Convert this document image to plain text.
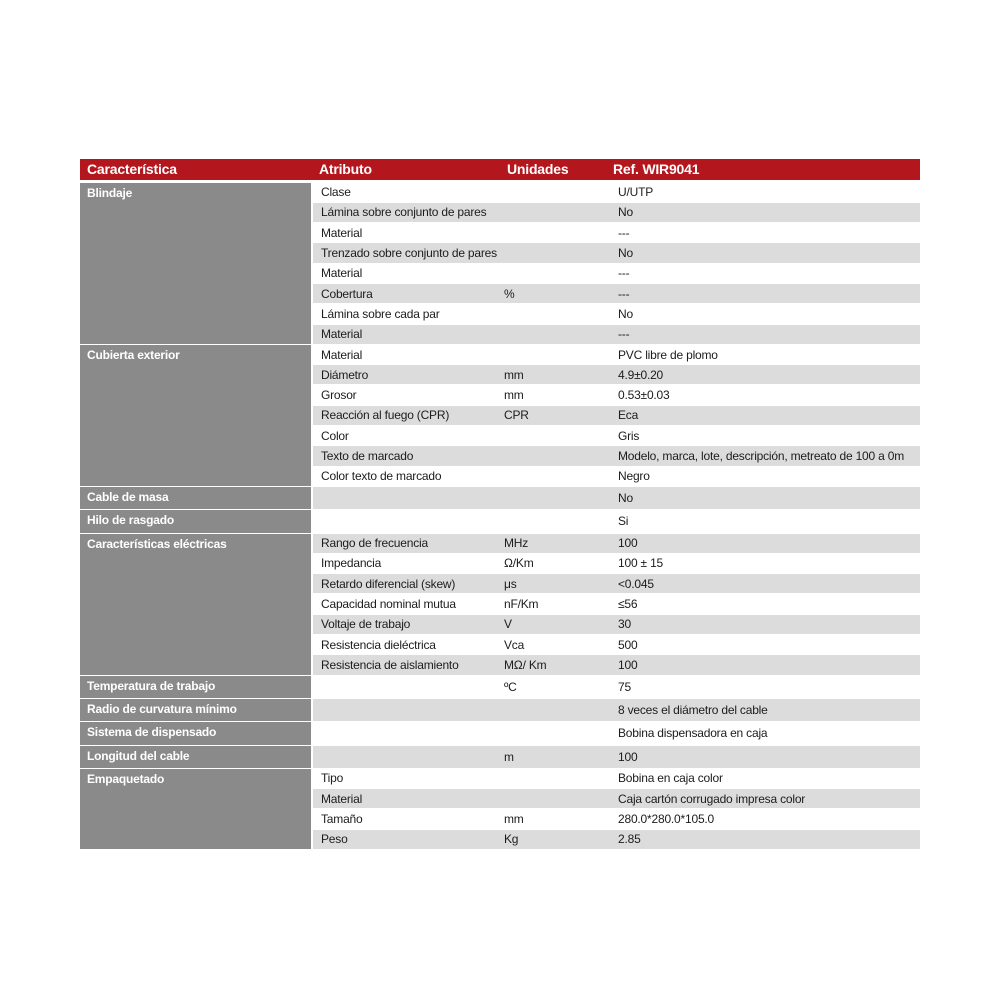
Característica	Atributo	Unidades	Ref. WIR9041
Blindaje	Clase		U/UTP
	Lámina sobre conjunto de pares		No
	Material		---
	Trenzado sobre conjunto de pares		No
	Material		---
	Cobertura	%	---
	Lámina sobre cada par		No
	Material		---
Cubierta exterior	Material		PVC libre de plomo
	Diámetro	mm	4.9±0.20
	Grosor	mm	0.53±0.03
	Reacción al fuego (CPR)	CPR	Eca
	Color		Gris
	Texto de marcado		Modelo, marca, lote, descripción, metreato de 100 a 0m
	Color texto de marcado		Negro
Cable de masa			No
Hilo de rasgado			Si
Características eléctricas	Rango de frecuencia	MHz	100
	Impedancia	Ω/Km	100 ± 15
	Retardo diferencial (skew)	μs	<0.045
	Capacidad nominal mutua	nF/Km	≤56
	Voltaje de trabajo	V	30
	Resistencia dieléctrica	Vca	500
	Resistencia de aislamiento	MΩ/ Km	100
Temperatura de trabajo		ºC	75
Radio de curvatura mínimo			8 veces el diámetro del cable
Sistema de dispensado			Bobina dispensadora en caja
Longitud del cable		m	100
Empaquetado	Tipo		Bobina en caja color
	Material		Caja cartón corrugado impresa color
	Tamaño	mm	280.0*280.0*105.0
	Peso	Kg	2.85
